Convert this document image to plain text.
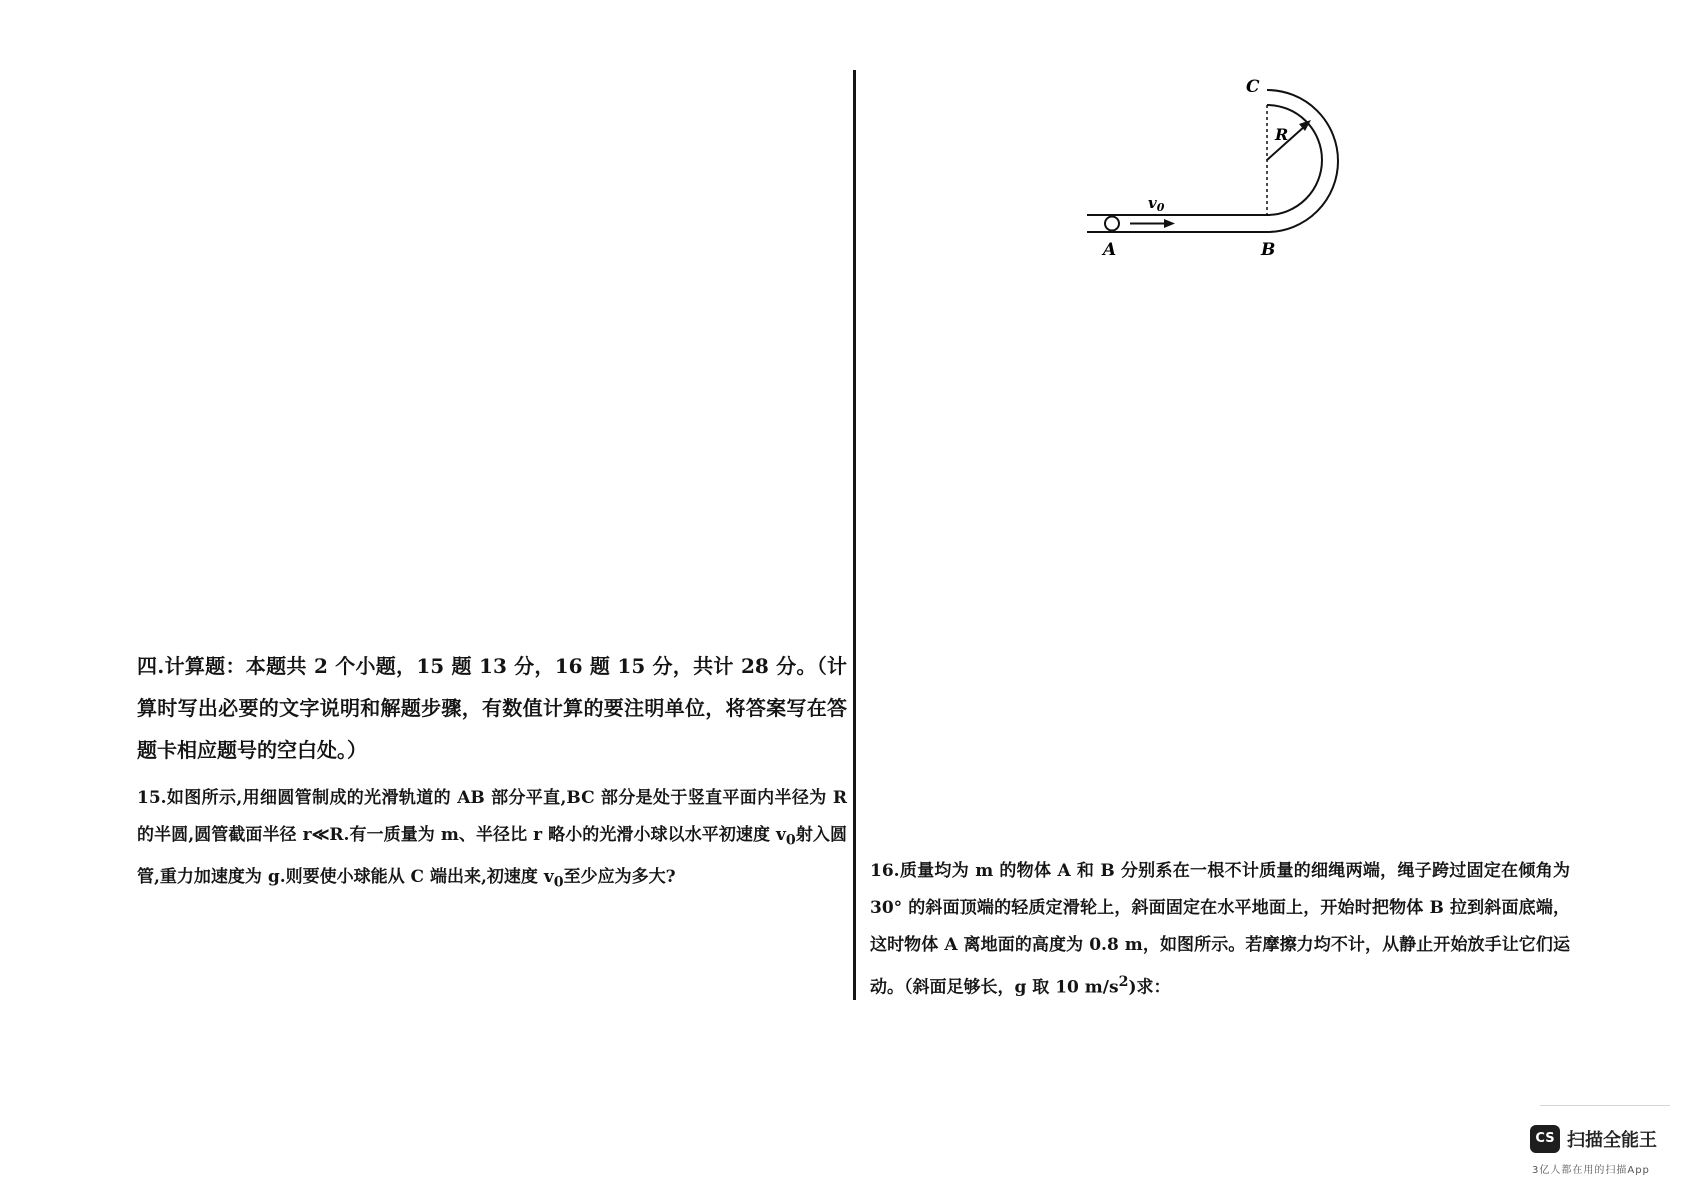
四.计算题：本题共 2 个小题，15 题 13 分，16 题 15 分，共计 28 分。（计算时写出必要的文字说明和解题步骤，有数值计算的要注明单位，将答案写在答题卡相应题号的空白处。）
15.如图所示,用细圆管制成的光滑轨道的 AB 部分平直,BC 部分是处于竖直平面内半径为 R 的半圆,圆管截面半径 r≪R.有一质量为 m、半径比 r 略小的光滑小球以水平初速度 $v_0$射入圆管,重力加速度为 g.则要使小球能从 C 端出来,初速度 $v_0$至少应为多大?
C
R
$v_0$
A	B
16.质量均为 m 的物体 A 和 B 分别系在一根不计质量的细绳两端，绳子跨过固定在倾角为 30° 的斜面顶端的轻质定滑轮上，斜面固定在水平地面上，开始时把物体 B 拉到斜面底端，这时物体 A 离地面的高度为 0.8 m，如图所示。若摩擦力均不计，从静止开始放手让它们运动。（斜面足够长，g 取 10 $m/s^2$)求：
CS 扫描全能王
3亿人都在用的扫描App
